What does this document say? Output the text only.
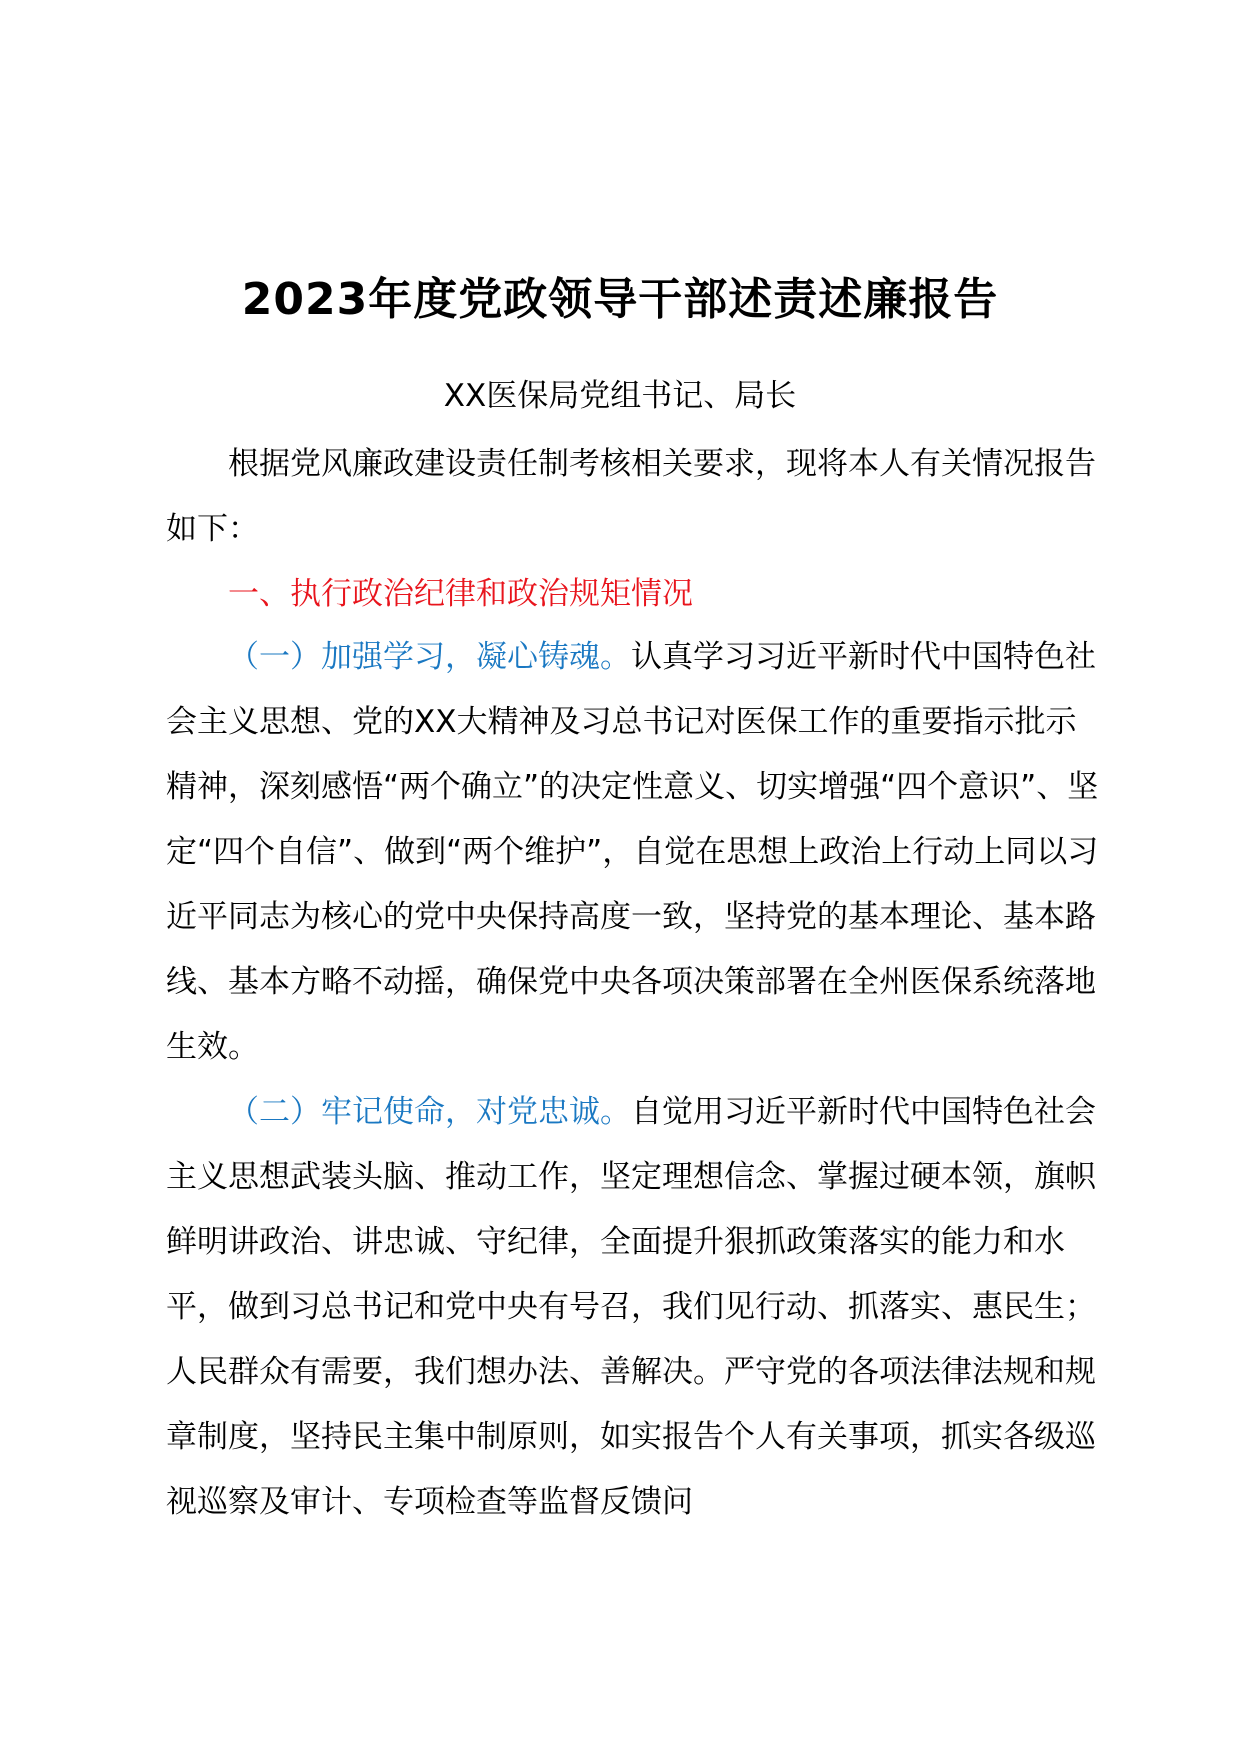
2023年度党政领导干部述责述廉报告
XX医保局党组书记、局长

根据党风廉政建设责任制考核相关要求，现将本人有关情况报告如下：

一、执行政治纪律和政治规矩情况

（一）加强学习，凝心铸魂。认真学习习近平新时代中国特色社会主义思想、党的XX大精神及习总书记对医保工作的重要指示批示精神，深刻感悟“两个确立”的决定性意义、切实增强“四个意识”、坚定“四个自信”、做到“两个维护”，自觉在思想上政治上行动上同以习近平同志为核心的党中央保持高度一致，坚持党的基本理论、基本路线、基本方略不动摇，确保党中央各项决策部署在全州医保系统落地生效。

（二）牢记使命，对党忠诚。自觉用习近平新时代中国特色社会主义思想武装头脑、推动工作，坚定理想信念、掌握过硬本领，旗帜鲜明讲政治、讲忠诚、守纪律，全面提升狠抓政策落实的能力和水平，做到习总书记和党中央有号召，我们见行动、抓落实、惠民生；人民群众有需要，我们想办法、善解决。严守党的各项法律法规和规章制度，坚持民主集中制原则，如实报告个人有关事项，抓实各级巡视巡察及审计、专项检查等监督反馈问
